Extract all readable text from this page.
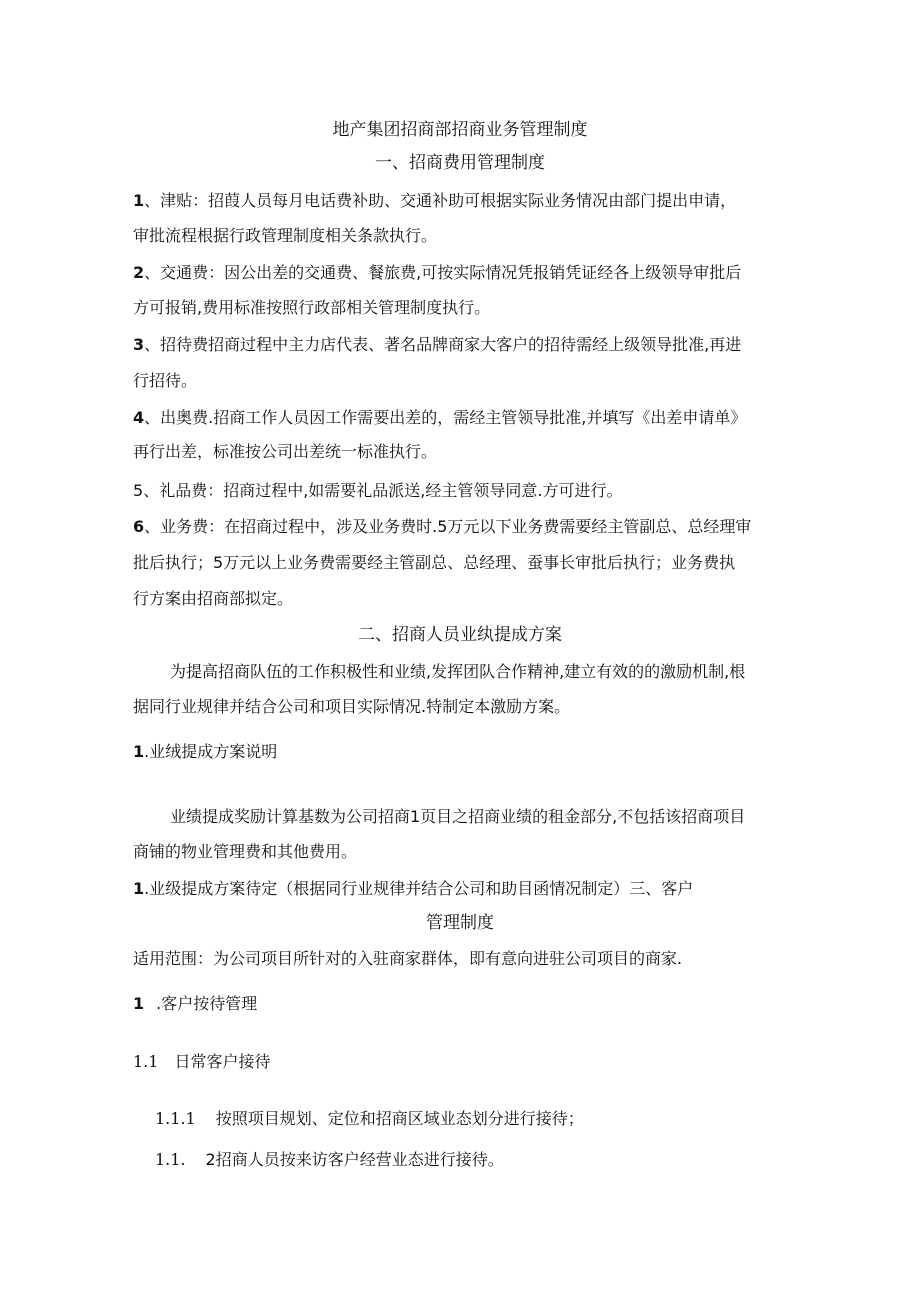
地产集团招商部招商业务管理制度

一、招商费用管理制度

1、津贴：招葭人员每月电话费补助、交通补助可根据实际业务情况由部门提出申请，

审批流程根据行政管理制度相关条款执行。

2、交通费：因公出差的交通费、餐旅费,可按实际情况凭报销凭证经各上级领导审批后

方可报销,费用标准按照行政部相关管理制度执行。

3、招待费招商过程中主力店代表、著名品牌商家大客户的招待需经上级领导批准,再进

行招待。

4、出奥费.招商工作人员因工作需要出差的，需经主管领导批准,并填写《出差申请单》

再行出差，标准按公司出差统一标准执行。

5、礼品费：招商过程中,如需要礼品派送,经主管领导同意.方可进行。

6、业务费：在招商过程中，涉及业务费时.5万元以下业务费需要经主管副总、总经理审

批后执行；5万元以上业务费需要经主管副总、总经理、蚕事长审批后执行；业务费执

行方案由招商部拟定。

二、招商人员业纨提成方案

为提高招商队伍的工作积极性和业绩,发挥团队合作精神,建立有效的的激励机制,根

据同行业规律并结合公司和项目实际情况.特制定本激励方案。

1.业绒提成方案说明

业绩提成奖励计算基数为公司招商1页目之招商业绩的租金部分,不包括该招商项目

商铺的物业管理费和其他费用。

1.业级提成方案待定（根据同行业规律并结合公司和助目函情况制定）三、客户

管理制度

适用范围：为公司项目所针对的入驻商家群体，即有意向进驻公司项目的商家.

1 .客户按待管理

1.1 日常客户接待

1.1.1 按照项目规划、定位和招商区域业态划分进行接待；

1.1. 2招商人员按来访客户经营业态进行接待。
